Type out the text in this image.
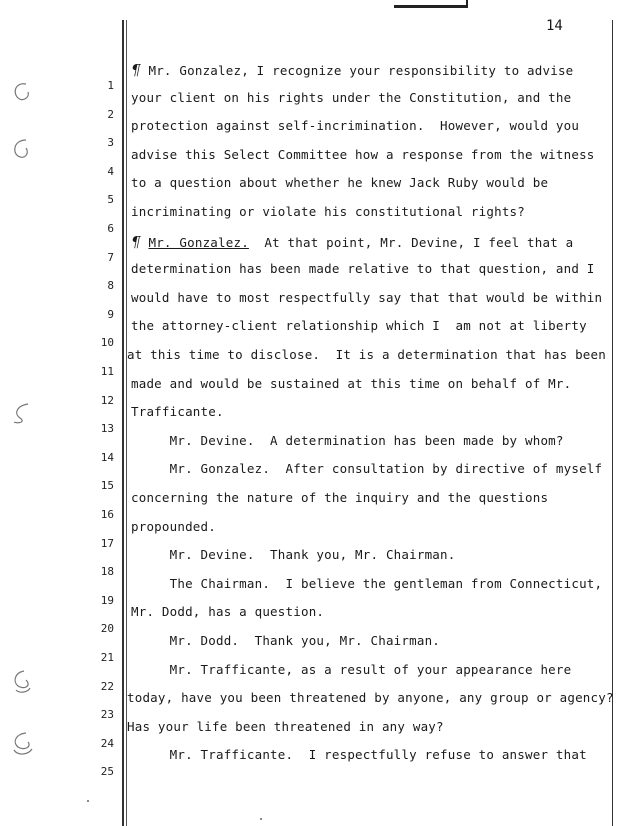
14
1
2
3
4
5
6
7
8
9
10
11
12
13
14
15
16
17
18
19
20
21
22
23
24
25
¶ Mr. Gonzalez, I recognize your responsibility to advise
your client on his rights under the Constitution, and the
protection against self-incrimination.  However, would you
advise this Select Committee how a response from the witness
to a question about whether he knew Jack Ruby would be
incriminating or violate his constitutional rights?
¶ Mr. Gonzalez.  At that point, Mr. Devine, I feel that a
determination has been made relative to that question, and I
would have to most respectfully say that that would be within
the attorney-client relationship which I  am not at liberty
at this time to disclose.  It is a determination that has been
made and would be sustained at this time on behalf of Mr.
Trafficante.
Mr. Devine.  A determination has been made by whom?
Mr. Gonzalez.  After consultation by directive of myself
concerning the nature of the inquiry and the questions
propounded.
Mr. Devine.  Thank you, Mr. Chairman.
The Chairman.  I believe the gentleman from Connecticut,
Mr. Dodd, has a question.
Mr. Dodd.  Thank you, Mr. Chairman.
Mr. Trafficante, as a result of your appearance here
today, have you been threatened by anyone, any group or agency?
Has your life been threatened in any way?
Mr. Trafficante.  I respectfully refuse to answer that
